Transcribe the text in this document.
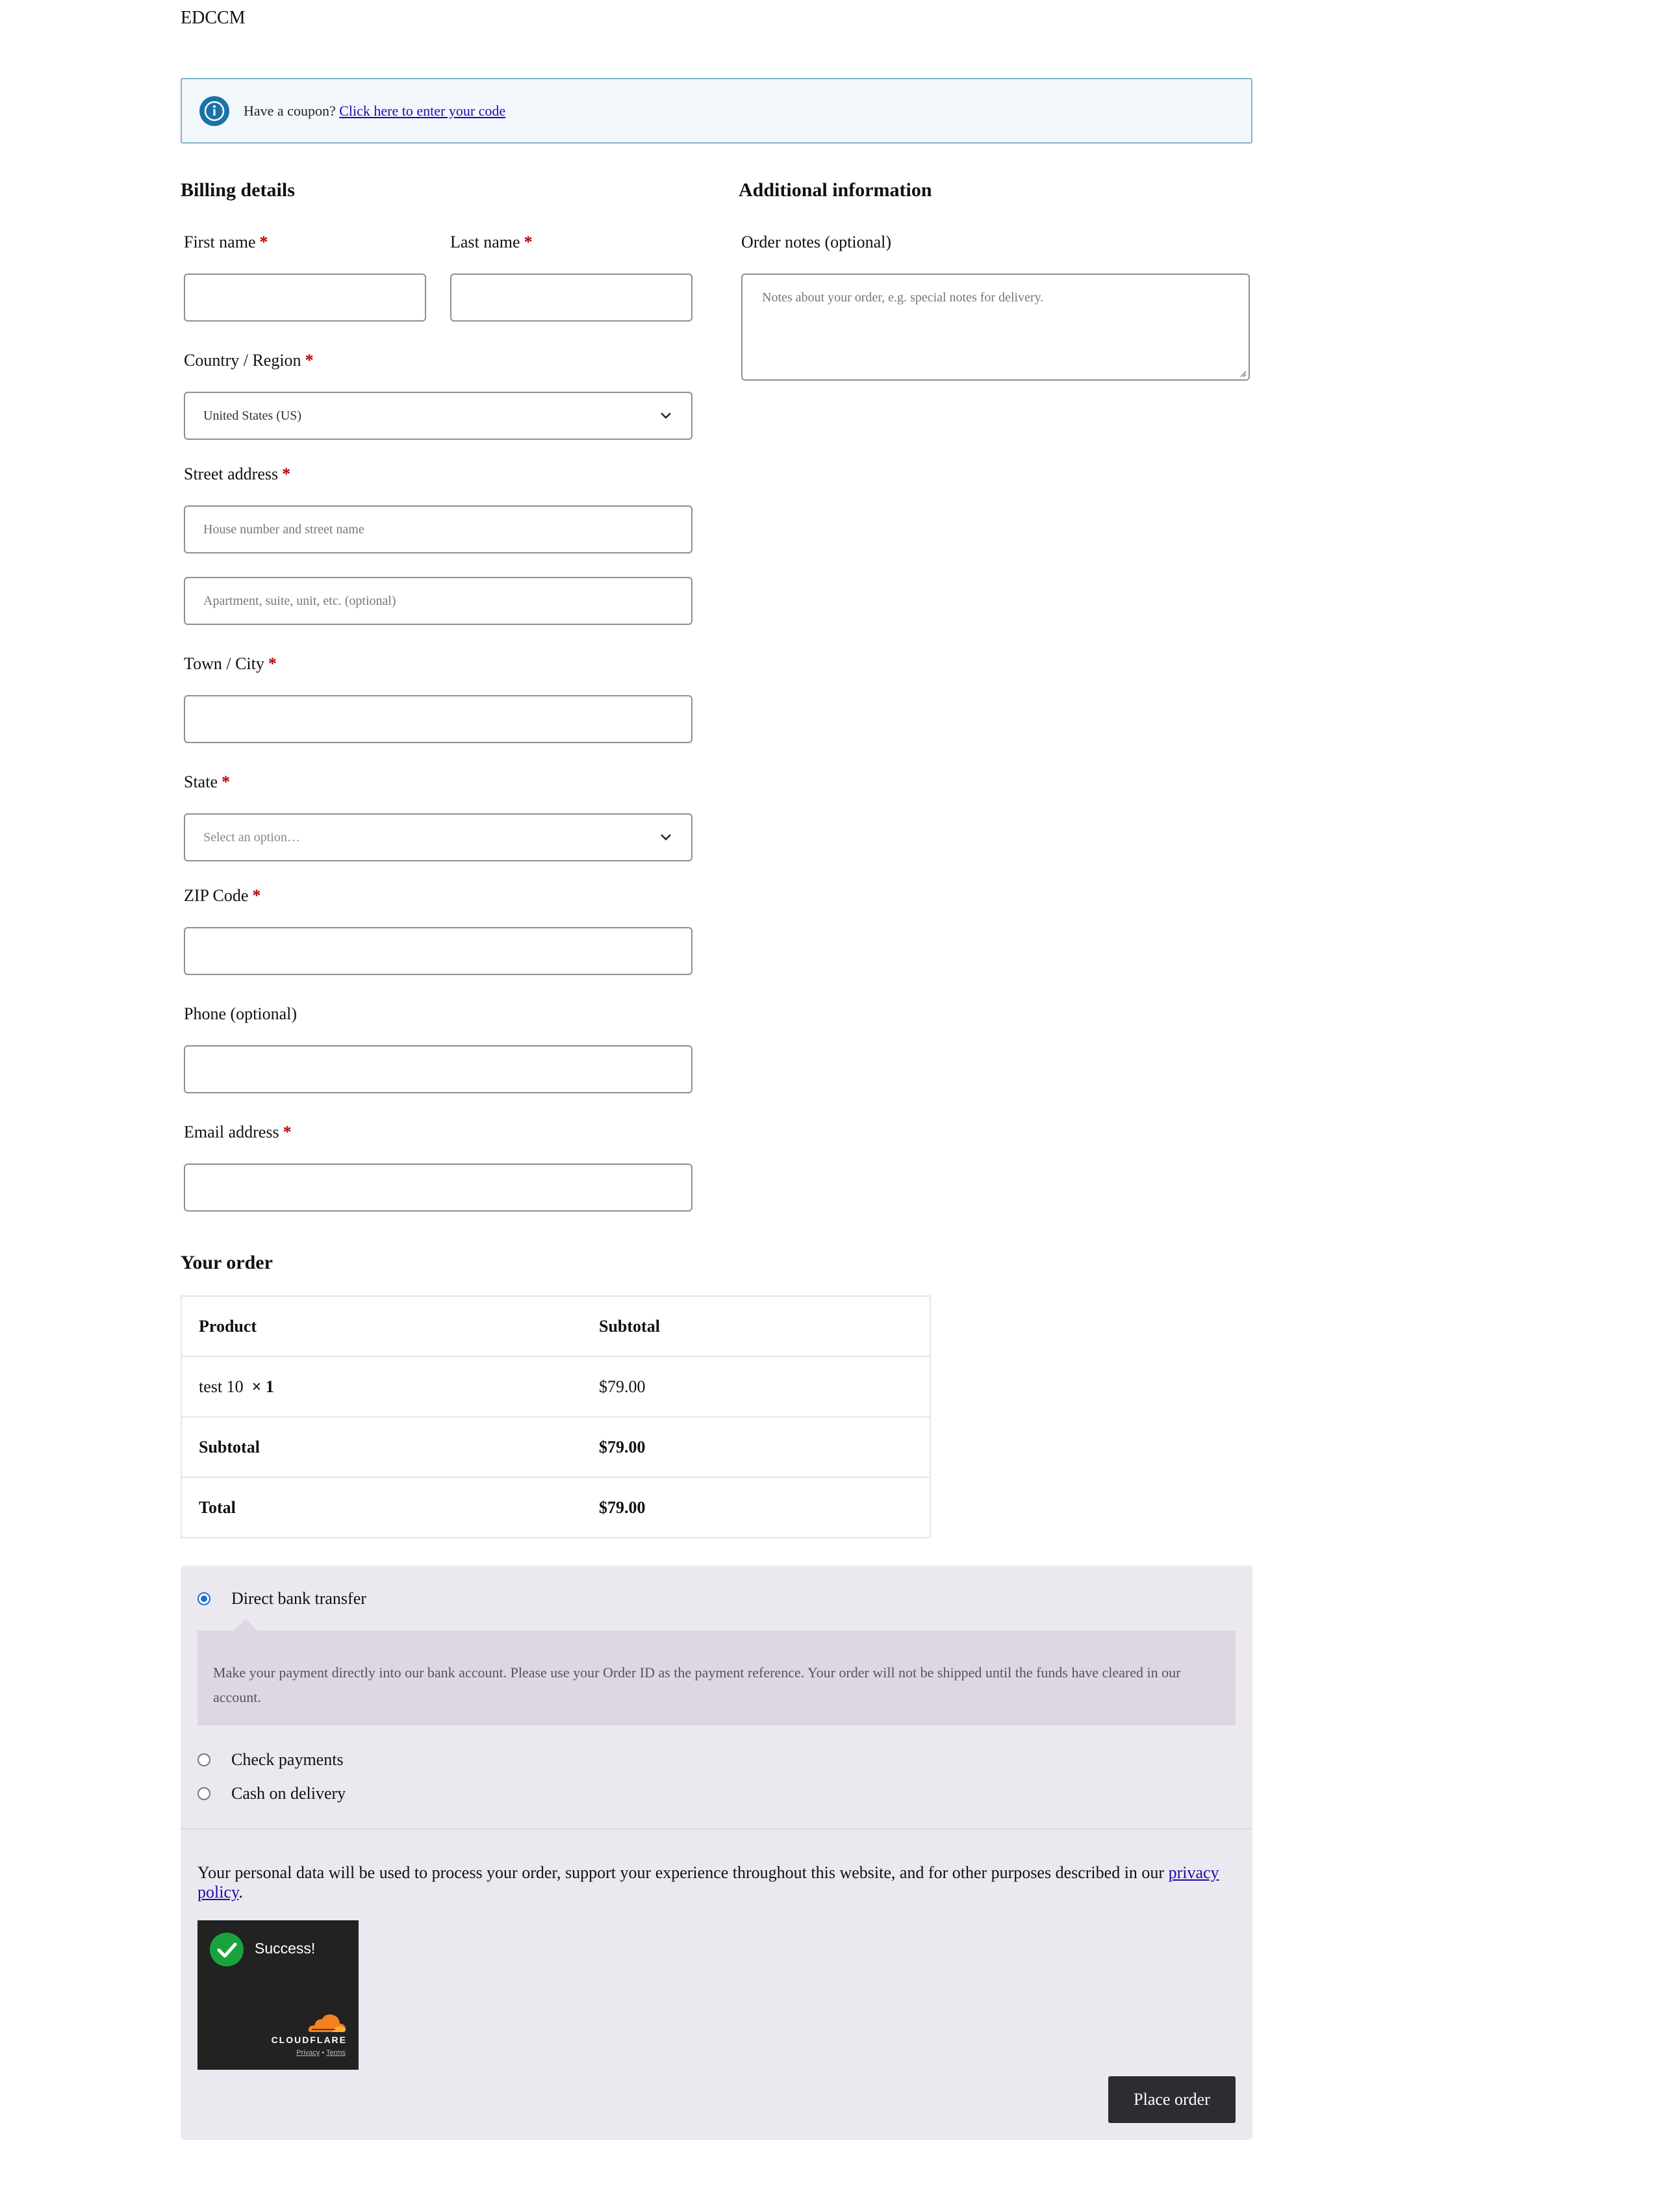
EDCCM
Have a coupon? Click here to enter your code
Billing details	Additional information
First name *	Last name *
Country / Region *
United States (US)
Street address *
House number and street name
Apartment, suite, unit, etc. (optional)
Town / City *
State *
Select an option…
ZIP Code *
Phone (optional)
Email address *
Order notes (optional)
Notes about your order, e.g. special notes for delivery.
Your order
Product	Subtotal
test 10 × 1	$79.00
Subtotal	$79.00
Total	$79.00
Direct bank transfer
Make your payment directly into our bank account. Please use your Order ID as the payment reference. Your order will not be shipped until the funds have cleared in our account.
Check payments
Cash on delivery
Your personal data will be used to process your order, support your experience throughout this website, and for other purposes described in our privacy policy.
Success!
CLOUDFLARE
Privacy • Terms
Place order
